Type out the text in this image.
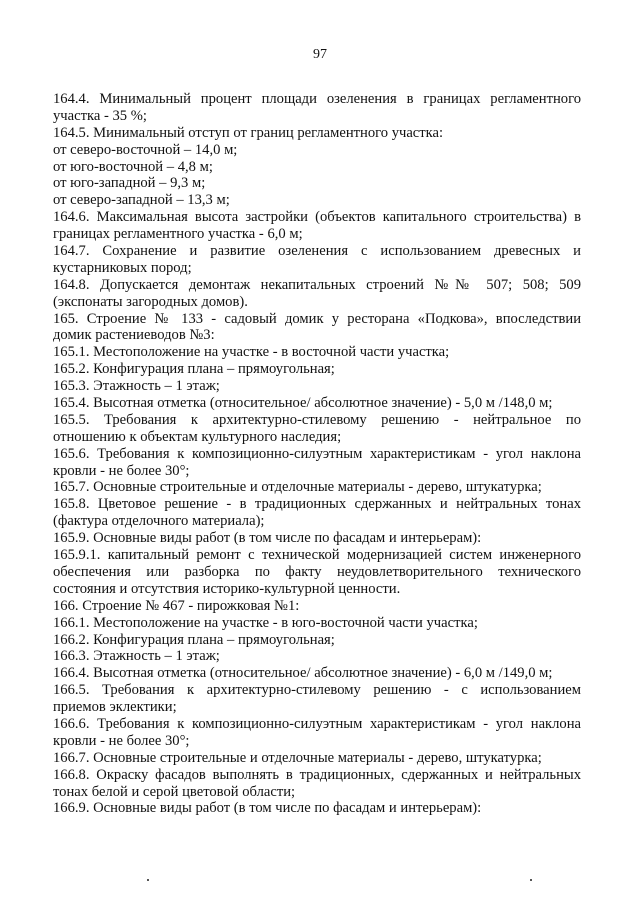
97
164.4. Минимальный процент площади озеленения в границах регламентного
участка - 35 %;
164.5. Минимальный отступ от границ регламентного участка:
от северо-восточной – 14,0 м;
от юго-восточной – 4,8 м;
от юго-западной – 9,3 м;
от северо-западной – 13,3 м;
164.6. Максимальная высота застройки (объектов капитального строительства) в
границах регламентного участка - 6,0 м;
164.7. Сохранение и развитие озеленения с использованием древесных и
кустарниковых пород;
164.8. Допускается демонтаж некапитальных строений №№ 507; 508; 509
(экспонаты загородных домов).
165. Строение № 133 - садовый домик у ресторана «Подкова», впоследствии
домик растениеводов №3:
165.1. Местоположение на участке - в восточной части участка;
165.2. Конфигурация плана – прямоугольная;
165.3. Этажность – 1 этаж;
165.4. Высотная отметка (относительное/ абсолютное значение) - 5,0 м /148,0 м;
165.5. Требования к архитектурно-стилевому решению - нейтральное по
отношению к объектам культурного наследия;
165.6. Требования к композиционно-силуэтным характеристикам - угол наклона
кровли - не более 30°;
165.7. Основные строительные и отделочные материалы - дерево, штукатурка;
165.8. Цветовое решение - в традиционных сдержанных и нейтральных тонах
(фактура отделочного материала);
165.9. Основные виды работ (в том числе по фасадам и интерьерам):
165.9.1. капитальный ремонт с технической модернизацией систем инженерного
обеспечения или разборка по факту неудовлетворительного технического
состояния и отсутствия историко-культурной ценности.
166. Строение № 467 - пирожковая №1:
166.1. Местоположение на участке - в юго-восточной части участка;
166.2. Конфигурация плана – прямоугольная;
166.3. Этажность – 1 этаж;
166.4. Высотная отметка (относительное/ абсолютное значение) - 6,0 м /149,0 м;
166.5. Требования к архитектурно-стилевому решению - с использованием
приемов эклектики;
166.6. Требования к композиционно-силуэтным характеристикам - угол наклона
кровли - не более 30°;
166.7. Основные строительные и отделочные материалы - дерево, штукатурка;
166.8. Окраску фасадов выполнять в традиционных, сдержанных и нейтральных
тонах белой и серой цветовой области;
166.9. Основные виды работ (в том числе по фасадам и интерьерам):
